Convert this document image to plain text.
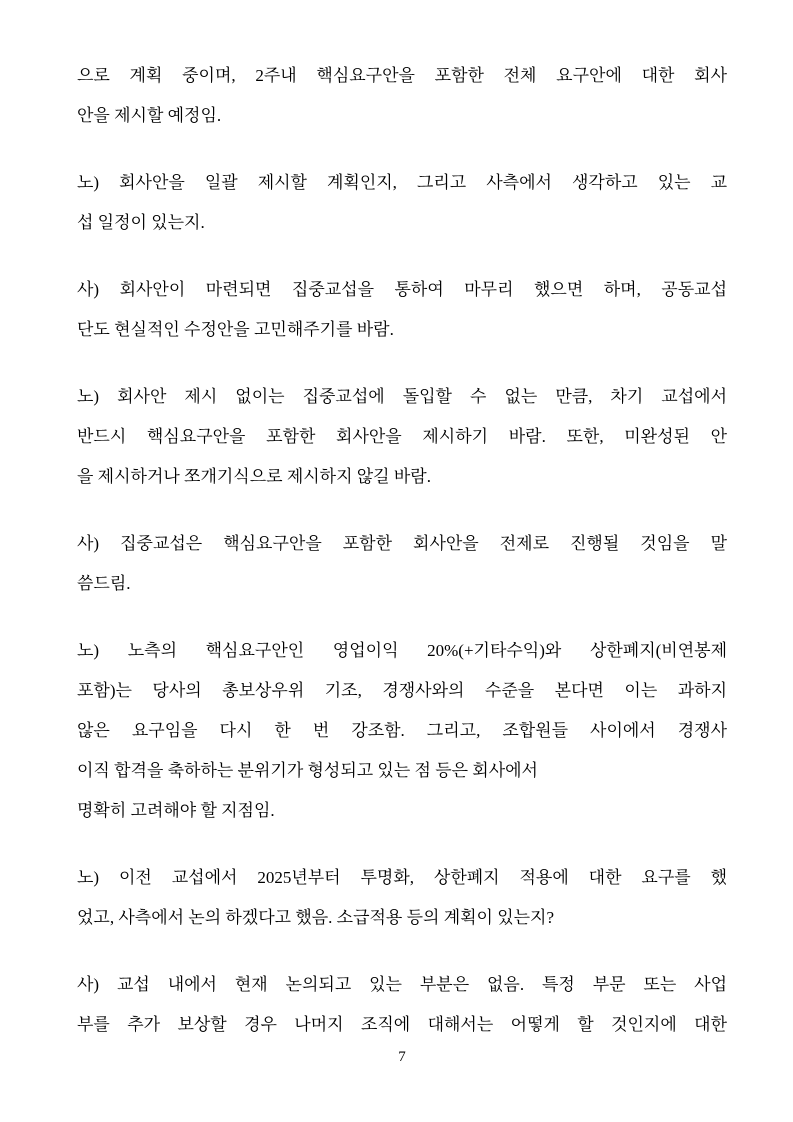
으로 계획 중이며, 2주내 핵심요구안을 포함한 전체 요구안에 대한 회사
안을 제시할 예정임.
노) 회사안을 일괄 제시할 계획인지, 그리고 사측에서 생각하고 있는 교
섭 일정이 있는지.
사) 회사안이 마련되면 집중교섭을 통하여 마무리 했으면 하며, 공동교섭
단도 현실적인 수정안을 고민해주기를 바람.
노) 회사안 제시 없이는 집중교섭에 돌입할 수 없는 만큼, 차기 교섭에서
반드시 핵심요구안을 포함한 회사안을 제시하기 바람. 또한, 미완성된 안
을 제시하거나 쪼개기식으로 제시하지 않길 바람.
사) 집중교섭은 핵심요구안을 포함한 회사안을 전제로 진행될 것임을 말
씀드림.
노) 노측의 핵심요구안인 영업이익 20%(+기타수익)와 상한폐지(비연봉제
포함)는 당사의 총보상우위 기조, 경쟁사와의 수준을 본다면 이는 과하지
않은 요구임을 다시 한 번 강조함. 그리고, 조합원들 사이에서 경쟁사
이직 합격을 축하하는 분위기가 형성되고 있는 점 등은 회사에서
명확히 고려해야 할 지점임.
노) 이전 교섭에서 2025년부터 투명화, 상한폐지 적용에 대한 요구를 했
었고, 사측에서 논의 하겠다고 했음. 소급적용 등의 계획이 있는지?
사) 교섭 내에서 현재 논의되고 있는 부분은 없음. 특정 부문 또는 사업
부를 추가 보상할 경우 나머지 조직에 대해서는 어떻게 할 것인지에 대한
7
